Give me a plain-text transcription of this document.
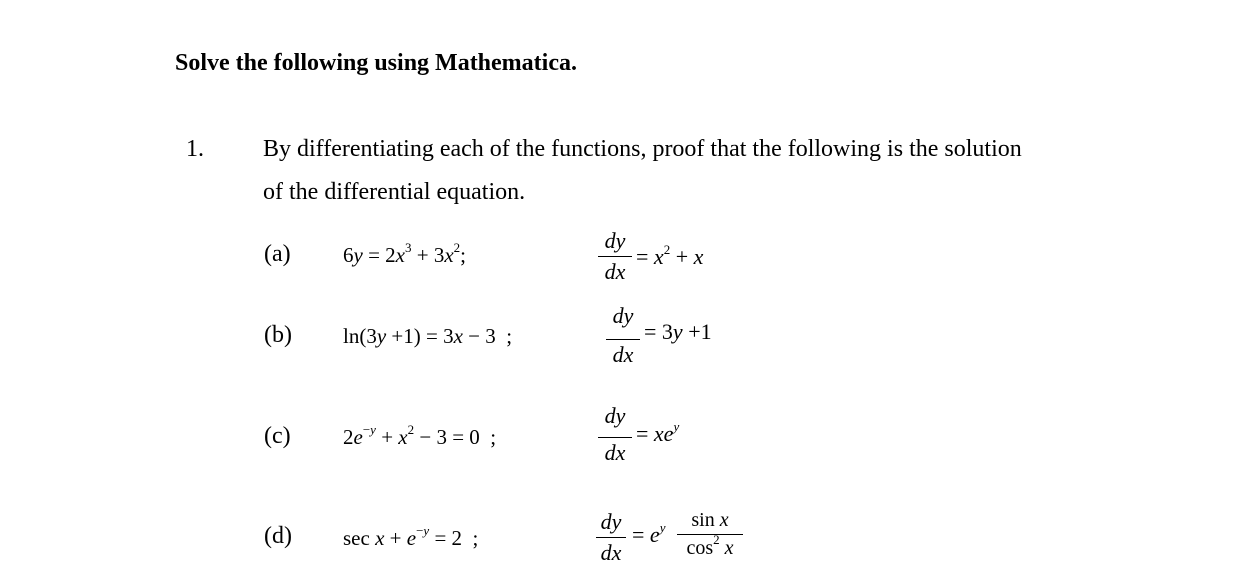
Solve the following using Mathematica.
1. By differentiating each of the functions, proof that the following is the solution
of the differential equation.
(a) $6y = 2x^3 + 3x^2$;
dy
dx
= $x^2 + x$
(b) ln(3y +1) = 3x − 3  ;
dy
dx
= 3y +1
(c) $2e^{-y} + x^2 - 3 = 0$  ;
dy
dx
= $xe^y$
(d) $\sec x + e^{-y} = 2$  ;
dy
dx
= $e^y$	sin x
$\cos^2 x$
